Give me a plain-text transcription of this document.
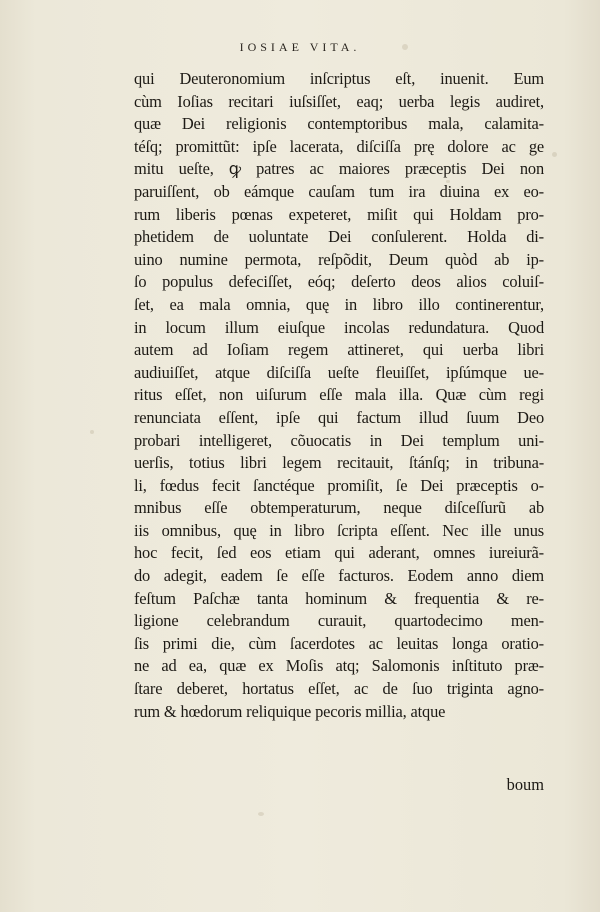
IOSIAE VITA.
qui Deuteronomium inſcriptus eſt, inuenit. Eum
cùm Ioſias recitari iuſsiſſet, eaq; uerba legis audiret,
quæ Dei religionis contemptoribus mala, calamita-
téſq; promittũt: ipſe lacerata, diſciſſa prę dolore ac ge
mitu ueſte, ꝙ patres ac maiores præceptis Dei non
paruiſſent, ob eámque cauſam tum ira diuina ex eo-
rum liberis pœnas expeteret, miſit qui Holdam pro-
phetidem de uoluntate Dei conſulerent. Holda di-
uino numine permota, reſpõdit, Deum quòd ab ip-
ſo populus defeciſſet, eóq; deſerto deos alios coluiſ-
ſet, ea mala omnia, quę in libro illo continerentur,
in locum illum eiuſque incolas redundatura. Quod
autem ad Ioſiam regem attineret, qui uerba libri
audiuiſſet, atque diſciſſa ueſte fleuiſſet, ipſúmque ue-
ritus eſſet, non uiſurum eſſe mala illa. Quæ cùm regi
renunciata eſſent, ipſe qui factum illud ſuum Deo
probari intelligeret, cõuocatis in Dei templum uni-
uerſis, totius libri legem recitauit, ſtánſq; in tribuna-
li, fœdus fecit ſanctéque promiſit, ſe Dei præceptis o-
mnibus eſſe obtemperaturum, neque diſceſſurũ ab
iis omnibus, quę in libro ſcripta eſſent. Nec ille unus
hoc fecit, ſed eos etiam qui aderant, omnes iureiurã-
do adegit, eadem ſe eſſe facturos. Eodem anno diem
feſtum Paſchæ tanta hominum & frequentia & re-
ligione celebrandum curauit, quartodecimo men-
ſis primi die, cùm ſacerdotes ac leuitas longa oratio-
ne ad ea, quæ ex Moſis atq; Salomonis inſtituto præ-
ſtare deberet, hortatus eſſet, ac de ſuo triginta agno-
rum & hœdorum reliquique pecoris millia, atque
boum
